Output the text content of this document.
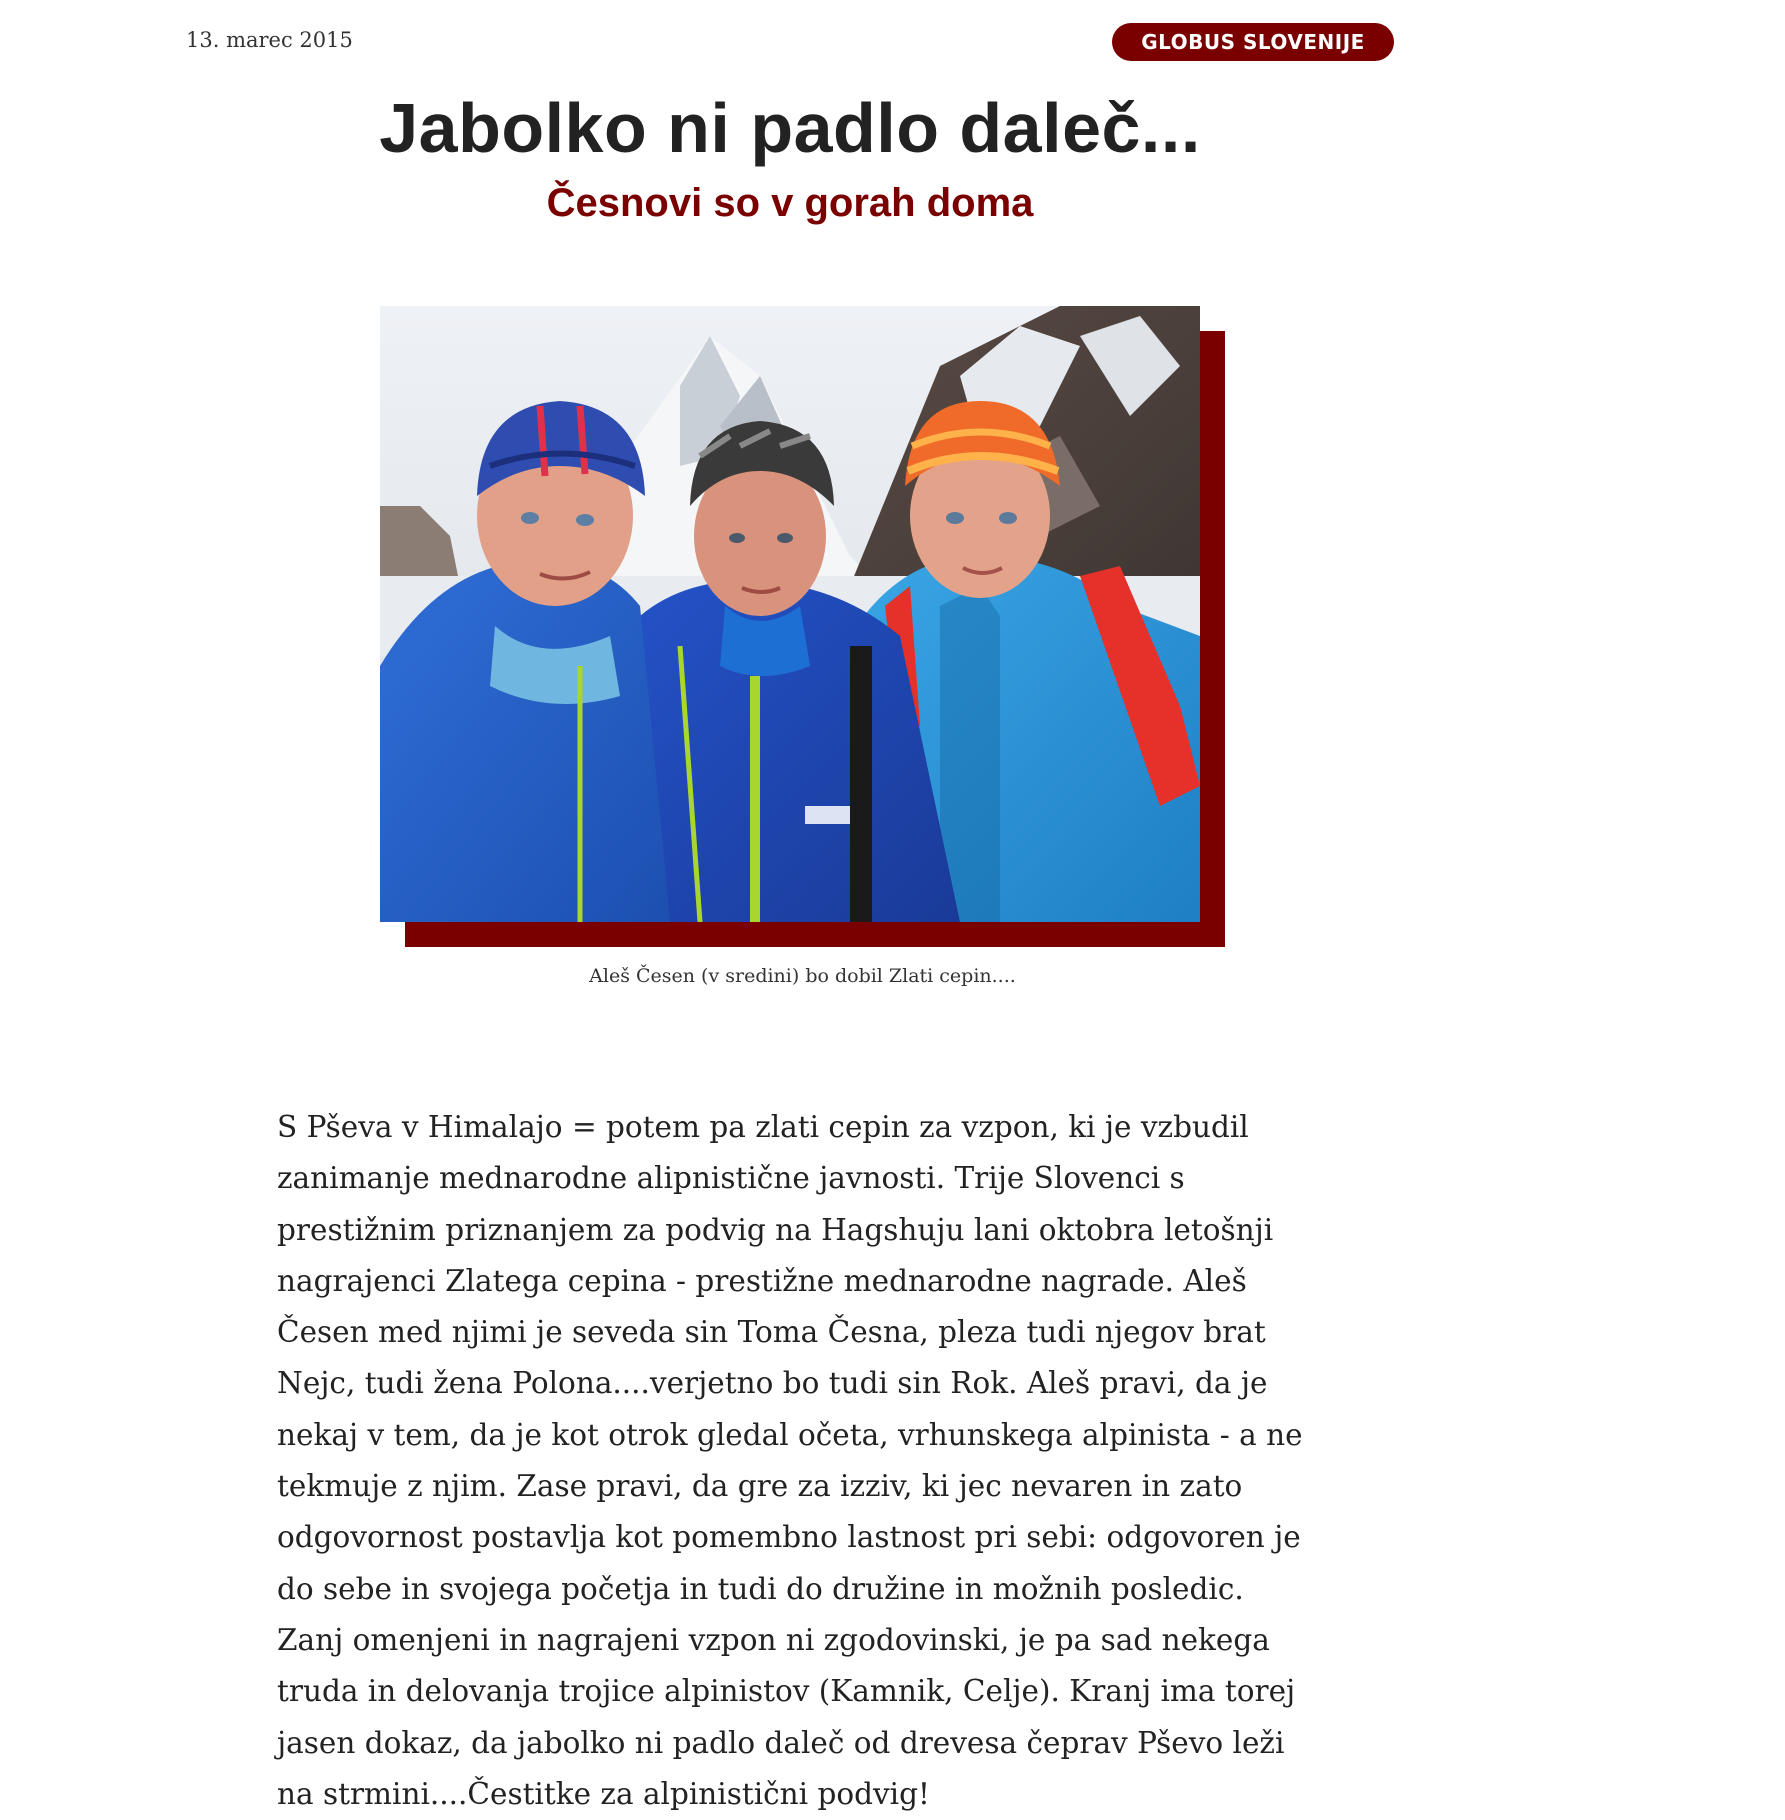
13. marec 2015	GLOBUS SLOVENIJE
Jabolko ni padlo daleč...
Česnovi so v gorah doma
Aleš Česen (v sredini) bo dobil Zlati cepin....

S Pševa v Himalajo = potem pa zlati cepin za vzpon, ki je vzbudil zanimanje mednarodne alipnistične javnosti. Trije Slovenci s prestižnim priznanjem za podvig na Hagshuju lani oktobra letošnji nagrajenci Zlatega cepina - prestižne mednarodne nagrade. Aleš Česen med njimi je seveda sin Toma Česna, pleza tudi njegov brat Nejc, tudi žena Polona....verjetno bo tudi sin Rok. Aleš pravi, da je nekaj v tem, da je kot otrok gledal očeta, vrhunskega alpinista - a ne tekmuje z njim. Zase pravi, da gre za izziv, ki jec nevaren in zato odgovornost postavlja kot pomembno lastnost pri sebi: odgovoren je do sebe in svojega početja in tudi do družine in možnih posledic. Zanj omenjeni in nagrajeni vzpon ni zgodovinski, je pa sad nekega truda in delovanja trojice alpinistov (Kamnik, Celje). Kranj ima torej jasen dokaz, da jabolko ni padlo daleč od drevesa čeprav Pševo leži na strmini....Čestitke za alpinistični podvig!
